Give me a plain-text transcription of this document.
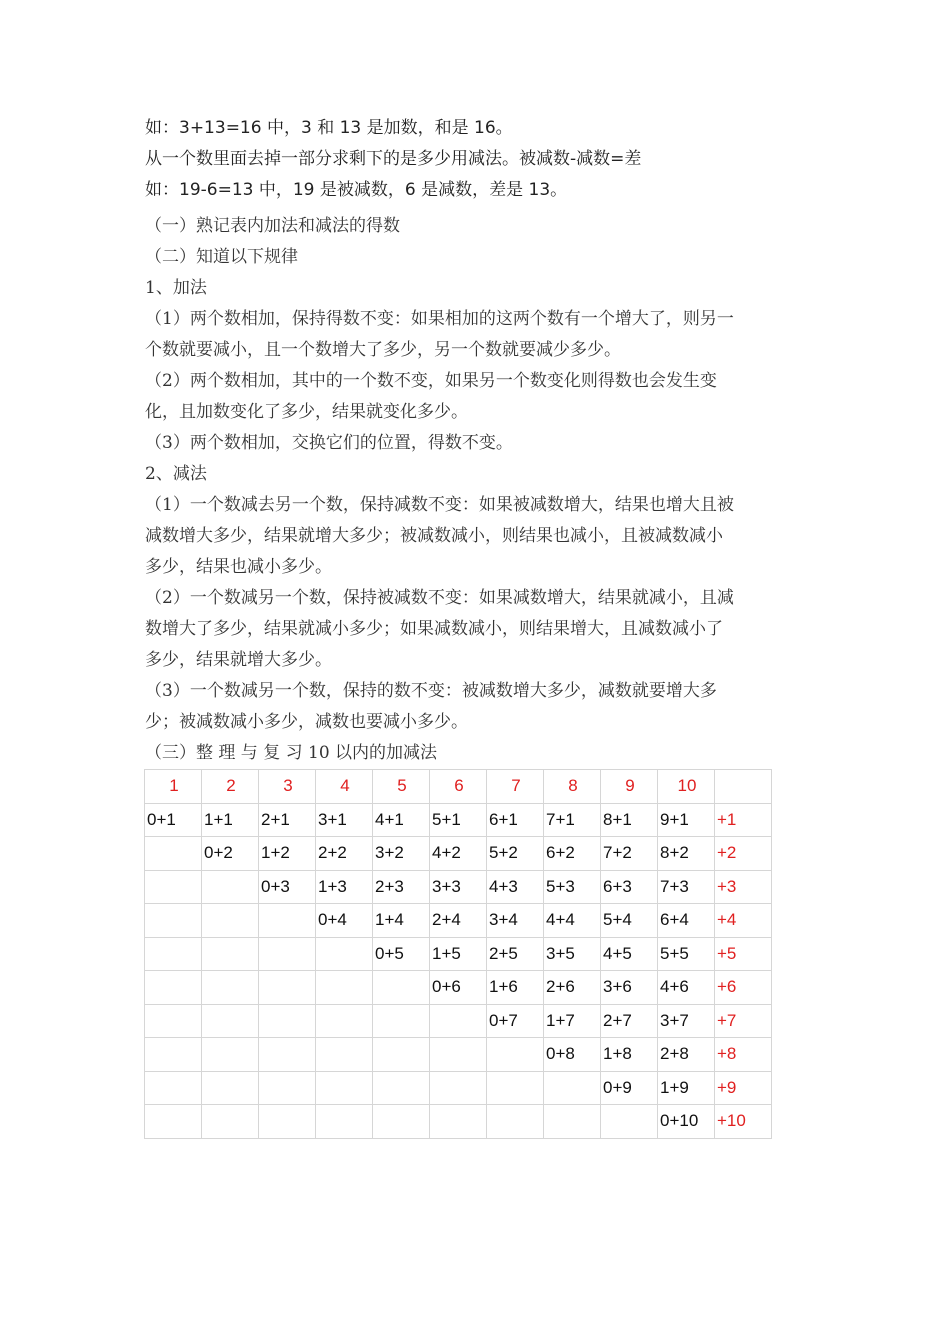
如：3+13=16 中，3 和 13 是加数，和是 16。
从一个数里面去掉一部分求剩下的是多少用减法。被减数-减数=差
如：19-6=13 中，19 是被减数，6 是减数，差是 13。
（一）熟记表内加法和减法的得数
（二）知道以下规律
1、加法
（1）两个数相加，保持得数不变：如果相加的这两个数有一个增大了，则另一
个数就要减小，且一个数增大了多少，另一个数就要减少多少。
（2）两个数相加，其中的一个数不变，如果另一个数变化则得数也会发生变
化，且加数变化了多少，结果就变化多少。
（3）两个数相加，交换它们的位置，得数不变。
2、减法
（1）一个数减去另一个数，保持减数不变：如果被减数增大，结果也增大且被
减数增大多少，结果就增大多少；被减数减小，则结果也减小，且被减数减小
多少，结果也减小多少。
（2）一个数减另一个数，保持被减数不变：如果减数增大，结果就减小，且减
数增大了多少，结果就减小多少；如果减数减小，则结果增大，且减数减小了
多少，结果就增大多少。
（3）一个数减另一个数，保持的数不变：被减数增大多少，减数就要增大多
少；被减数减小多少，减数也要减小多少。
（三）整 理 与 复 习 10 以内的加减法
1	2	3	4	5	6	7	8	9	10	
0+1	1+1	2+1	3+1	4+1	5+1	6+1	7+1	8+1	9+1	+1
	0+2	1+2	2+2	3+2	4+2	5+2	6+2	7+2	8+2	+2
		0+3	1+3	2+3	3+3	4+3	5+3	6+3	7+3	+3
			0+4	1+4	2+4	3+4	4+4	5+4	6+4	+4
				0+5	1+5	2+5	3+5	4+5	5+5	+5
					0+6	1+6	2+6	3+6	4+6	+6
						0+7	1+7	2+7	3+7	+7
							0+8	1+8	2+8	+8
								0+9	1+9	+9
									0+10	+10
